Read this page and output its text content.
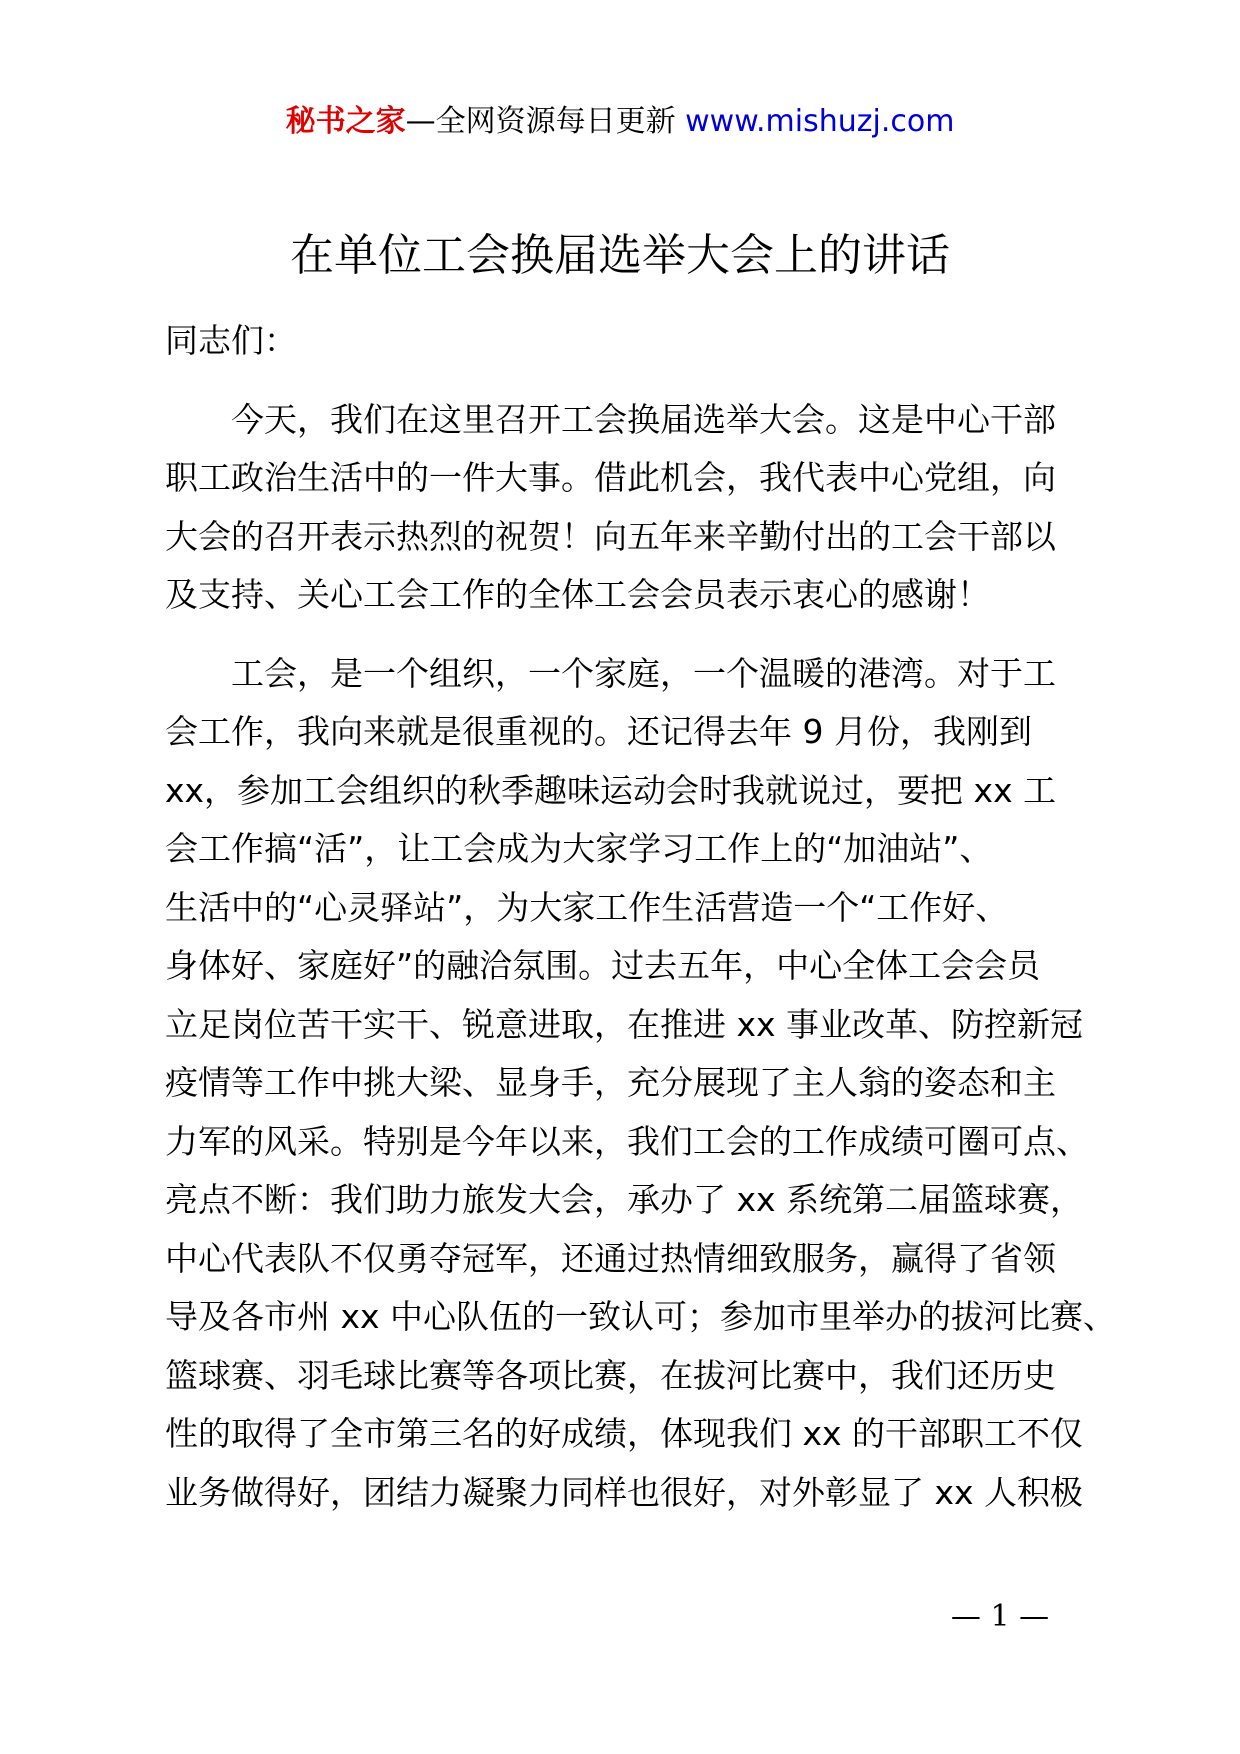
秘书之家—全网资源每日更新 www.mishuzj.com
在单位工会换届选举大会上的讲话
同志们：
今天，我们在这里召开工会换届选举大会。这是中心干部
职工政治生活中的一件大事。借此机会，我代表中心党组，向
大会的召开表示热烈的祝贺！向五年来辛勤付出的工会干部以
及支持、关心工会工作的全体工会会员表示衷心的感谢！
工会，是一个组织，一个家庭，一个温暖的港湾。对于工
会工作，我向来就是很重视的。还记得去年 9 月份，我刚到
xx，参加工会组织的秋季趣味运动会时我就说过，要把 xx 工
会工作搞“活”，让工会成为大家学习工作上的“加油站”、
生活中的“心灵驿站”，为大家工作生活营造一个“工作好、
身体好、家庭好”的融洽氛围。过去五年，中心全体工会会员
立足岗位苦干实干、锐意进取，在推进 xx 事业改革、防控新冠
疫情等工作中挑大梁、显身手，充分展现了主人翁的姿态和主
力军的风采。特别是今年以来，我们工会的工作成绩可圈可点、
亮点不断：我们助力旅发大会，承办了 xx 系统第二届篮球赛，
中心代表队不仅勇夺冠军，还通过热情细致服务，赢得了省领
导及各市州 xx 中心队伍的一致认可；参加市里举办的拔河比赛、
篮球赛、羽毛球比赛等各项比赛，在拔河比赛中，我们还历史
性的取得了全市第三名的好成绩，体现我们 xx 的干部职工不仅
业务做得好，团结力凝聚力同样也很好，对外彰显了 xx 人积极
— 1 —
